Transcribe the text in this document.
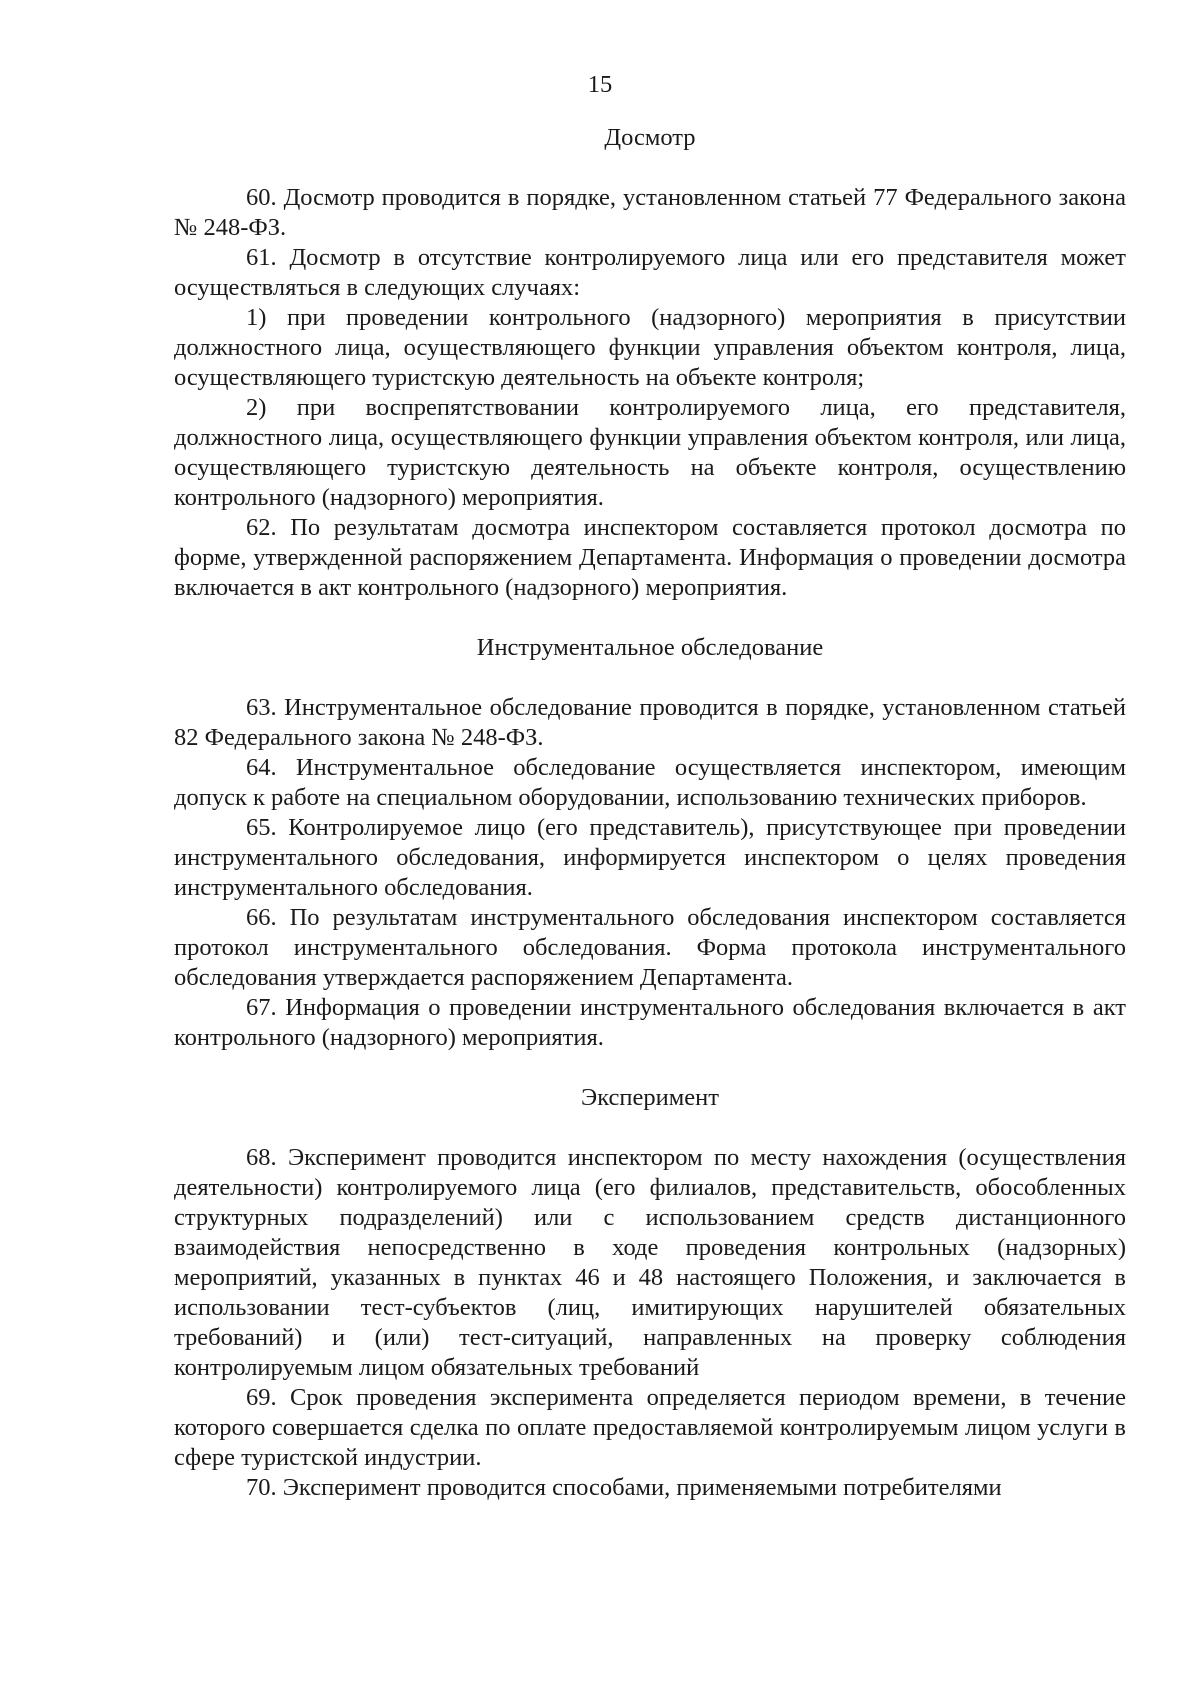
15

Досмотр

60. Досмотр проводится в порядке, установленном статьей 77 Федерального закона № 248-ФЗ.

61. Досмотр в отсутствие контролируемого лица или его представителя может осуществляться в следующих случаях:

1) при проведении контрольного (надзорного) мероприятия в присутствии должностного лица, осуществляющего функции управления объектом контроля, лица, осуществляющего туристскую деятельность на объекте контроля;

2) при воспрепятствовании контролируемого лица, его представителя, должностного лица, осуществляющего функции управления объектом контроля, или лица, осуществляющего туристскую деятельность на объекте контроля, осуществлению контрольного (надзорного) мероприятия.

62. По результатам досмотра инспектором составляется протокол досмотра по форме, утвержденной распоряжением Департамента. Информация о проведении досмотра включается в акт контрольного (надзорного) мероприятия.

Инструментальное обследование

63. Инструментальное обследование проводится в порядке, установленном статьей 82 Федерального закона № 248-ФЗ.

64. Инструментальное обследование осуществляется инспектором, имеющим допуск к работе на специальном оборудовании, использованию технических приборов.

65. Контролируемое лицо (его представитель), присутствующее при проведении инструментального обследования, информируется инспектором о целях проведения инструментального обследования.

66. По результатам инструментального обследования инспектором составляется протокол инструментального обследования. Форма протокола инструментального обследования утверждается распоряжением Департамента.

67. Информация о проведении инструментального обследования включается в акт контрольного (надзорного) мероприятия.

Эксперимент

68. Эксперимент проводится инспектором по месту нахождения (осуществления деятельности) контролируемого лица (его филиалов, представительств, обособленных структурных подразделений) или с использованием средств дистанционного взаимодействия непосредственно в ходе проведения контрольных (надзорных) мероприятий, указанных в пунктах 46 и 48 настоящего Положения, и заключается в использовании тест-субъектов (лиц, имитирующих нарушителей обязательных требований) и (или) тест-ситуаций, направленных на проверку соблюдения контролируемым лицом обязательных требований

69. Срок проведения эксперимента определяется периодом времени, в течение которого совершается сделка по оплате предоставляемой контролируемым лицом услуги в сфере туристской индустрии.

70. Эксперимент проводится способами, применяемыми потребителями
